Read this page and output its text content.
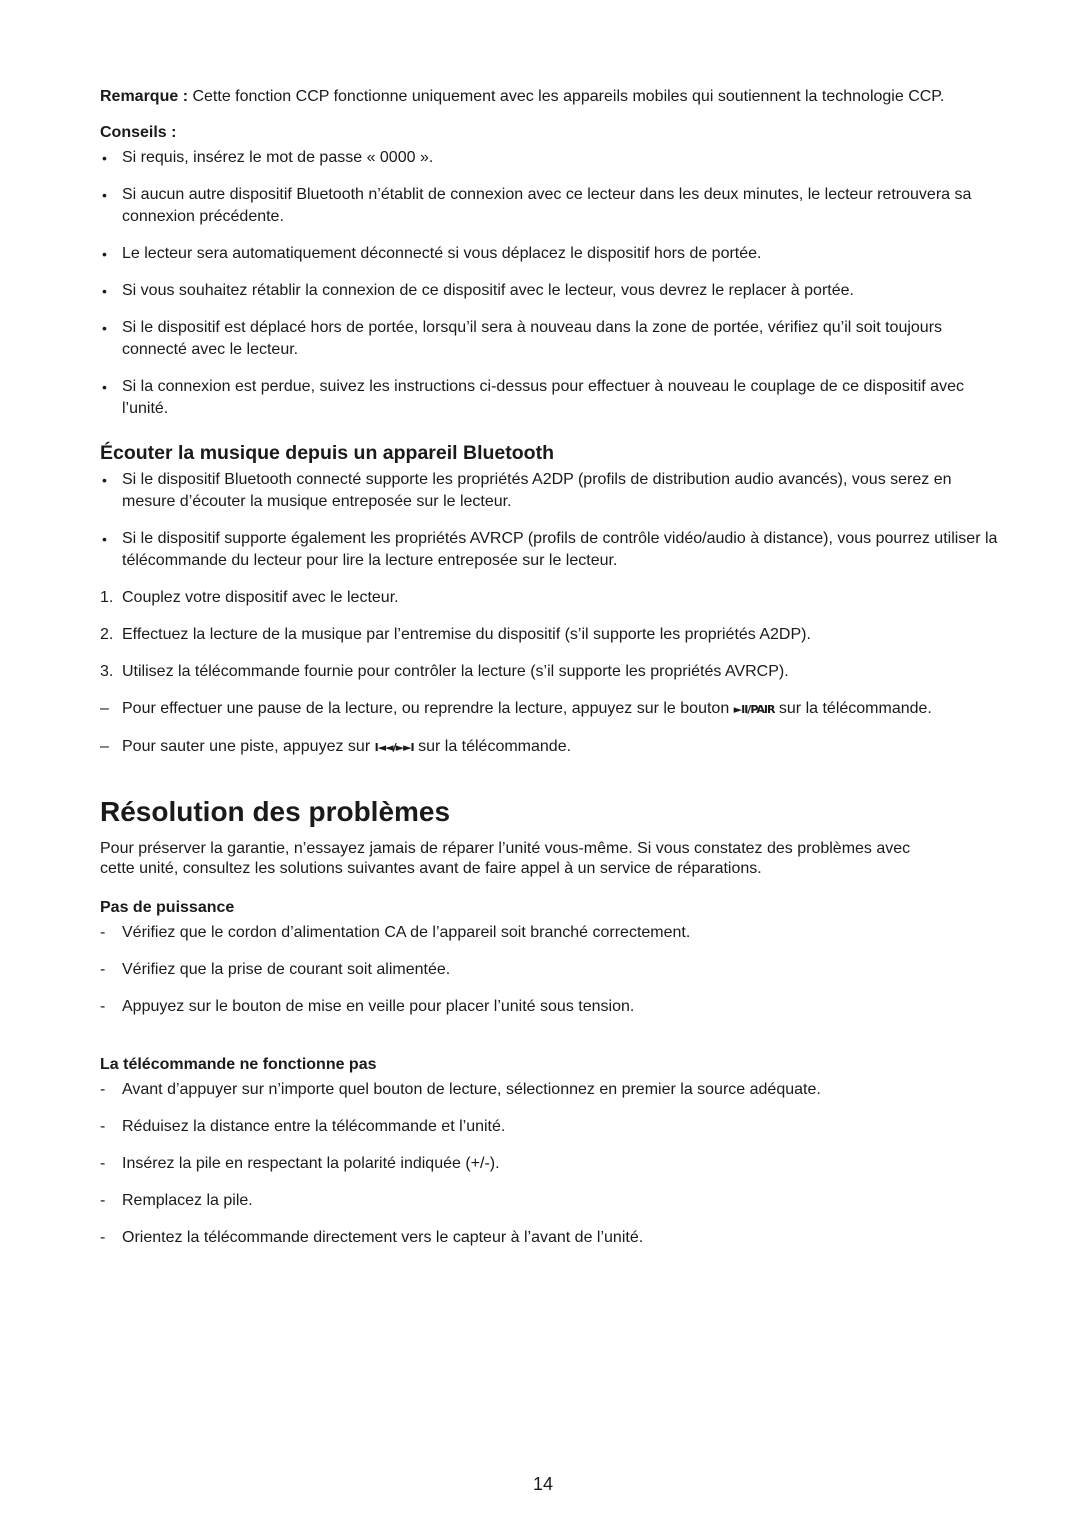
Remarque : Cette fonction CCP fonctionne uniquement avec les appareils mobiles qui soutiennent la technologie CCP.

Conseils :

• Si requis, insérez le mot de passe « 0000 ».
• Si aucun autre dispositif Bluetooth n’établit de connexion avec ce lecteur dans les deux minutes, le lecteur retrouvera sa connexion précédente.
• Le lecteur sera automatiquement déconnecté si vous déplacez le dispositif hors de portée.
• Si vous souhaitez rétablir la connexion de ce dispositif avec le lecteur, vous devrez le replacer à portée.
• Si le dispositif est déplacé hors de portée, lorsqu’il sera à nouveau dans la zone de portée, vérifiez qu’il soit toujours connecté avec le lecteur.
• Si la connexion est perdue, suivez les instructions ci-dessus pour effectuer à nouveau le couplage de ce dispositif avec l’unité.
Écouter la musique depuis un appareil Bluetooth
• Si le dispositif Bluetooth connecté supporte les propriétés A2DP (profils de distribution audio avancés), vous serez en mesure d’écouter la musique entreposée sur le lecteur.
• Si le dispositif supporte également les propriétés AVRCP (profils de contrôle vidéo/audio à distance), vous pourrez utiliser la télécommande du lecteur pour lire la lecture entreposée sur le lecteur.
1. Couplez votre dispositif avec le lecteur.
2. Effectuez la lecture de la musique par l’entremise du dispositif (s’il supporte les propriétés A2DP).
3. Utilisez la télécommande fournie pour contrôler la lecture (s’il supporte les propriétés AVRCP).
– Pour effectuer une pause de la lecture, ou reprendre la lecture, appuyez sur le bouton ►II/PAIR sur la télécommande.
– Pour sauter une piste, appuyez sur I◄◄/►►I sur la télécommande.
Résolution des problèmes

Pour préserver la garantie, n’essayez jamais de réparer l’unité vous-même. Si vous constatez des problèmes avec cette unité, consultez les solutions suivantes avant de faire appel à un service de réparations.

Pas de puissance

-	Vérifiez que le cordon d’alimentation CA de l’appareil soit branché correctement.
-	Vérifiez que la prise de courant soit alimentée.
-	Appuyez sur le bouton de mise en veille pour placer l’unité sous tension.

La télécommande ne fonctionne pas

-	Avant d’appuyer sur n’importe quel bouton de lecture, sélectionnez en premier la source adéquate.
-	Réduisez la distance entre la télécommande et l’unité.
-	Insérez la pile en respectant la polarité indiquée (+/-).
-	Remplacez la pile.
-	Orientez la télécommande directement vers le capteur à l’avant de l’unité.
14
